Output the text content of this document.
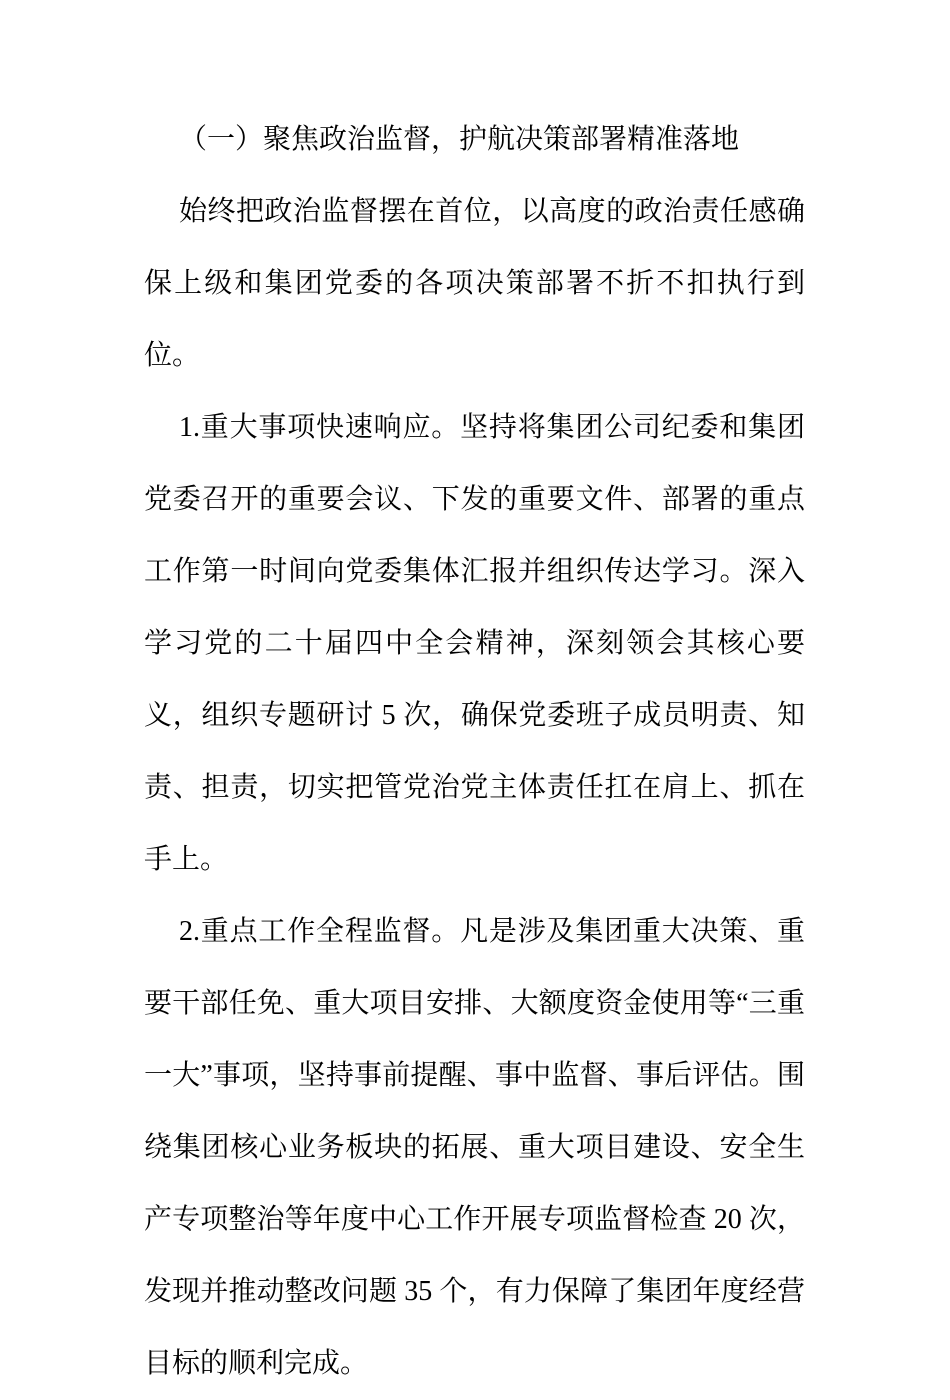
（一）聚焦政治监督，护航决策部署精准落地

始终把政治监督摆在首位，以高度的政治责任感确保上级和集团党委的各项决策部署不折不扣执行到位。

1.重大事项快速响应。坚持将集团公司纪委和集团党委召开的重要会议、下发的重要文件、部署的重点工作第一时间向党委集体汇报并组织传达学习。深入学习党的二十届四中全会精神，深刻领会其核心要义，组织专题研讨 5 次，确保党委班子成员明责、知责、担责，切实把管党治党主体责任扛在肩上、抓在手上。

2.重点工作全程监督。凡是涉及集团重大决策、重要干部任免、重大项目安排、大额度资金使用等“三重一大”事项，坚持事前提醒、事中监督、事后评估。围绕集团核心业务板块的拓展、重大项目建设、安全生产专项整治等年度中心工作开展专项监督检查 20 次，发现并推动整改问题 35 个，有力保障了集团年度经营目标的顺利完成。
